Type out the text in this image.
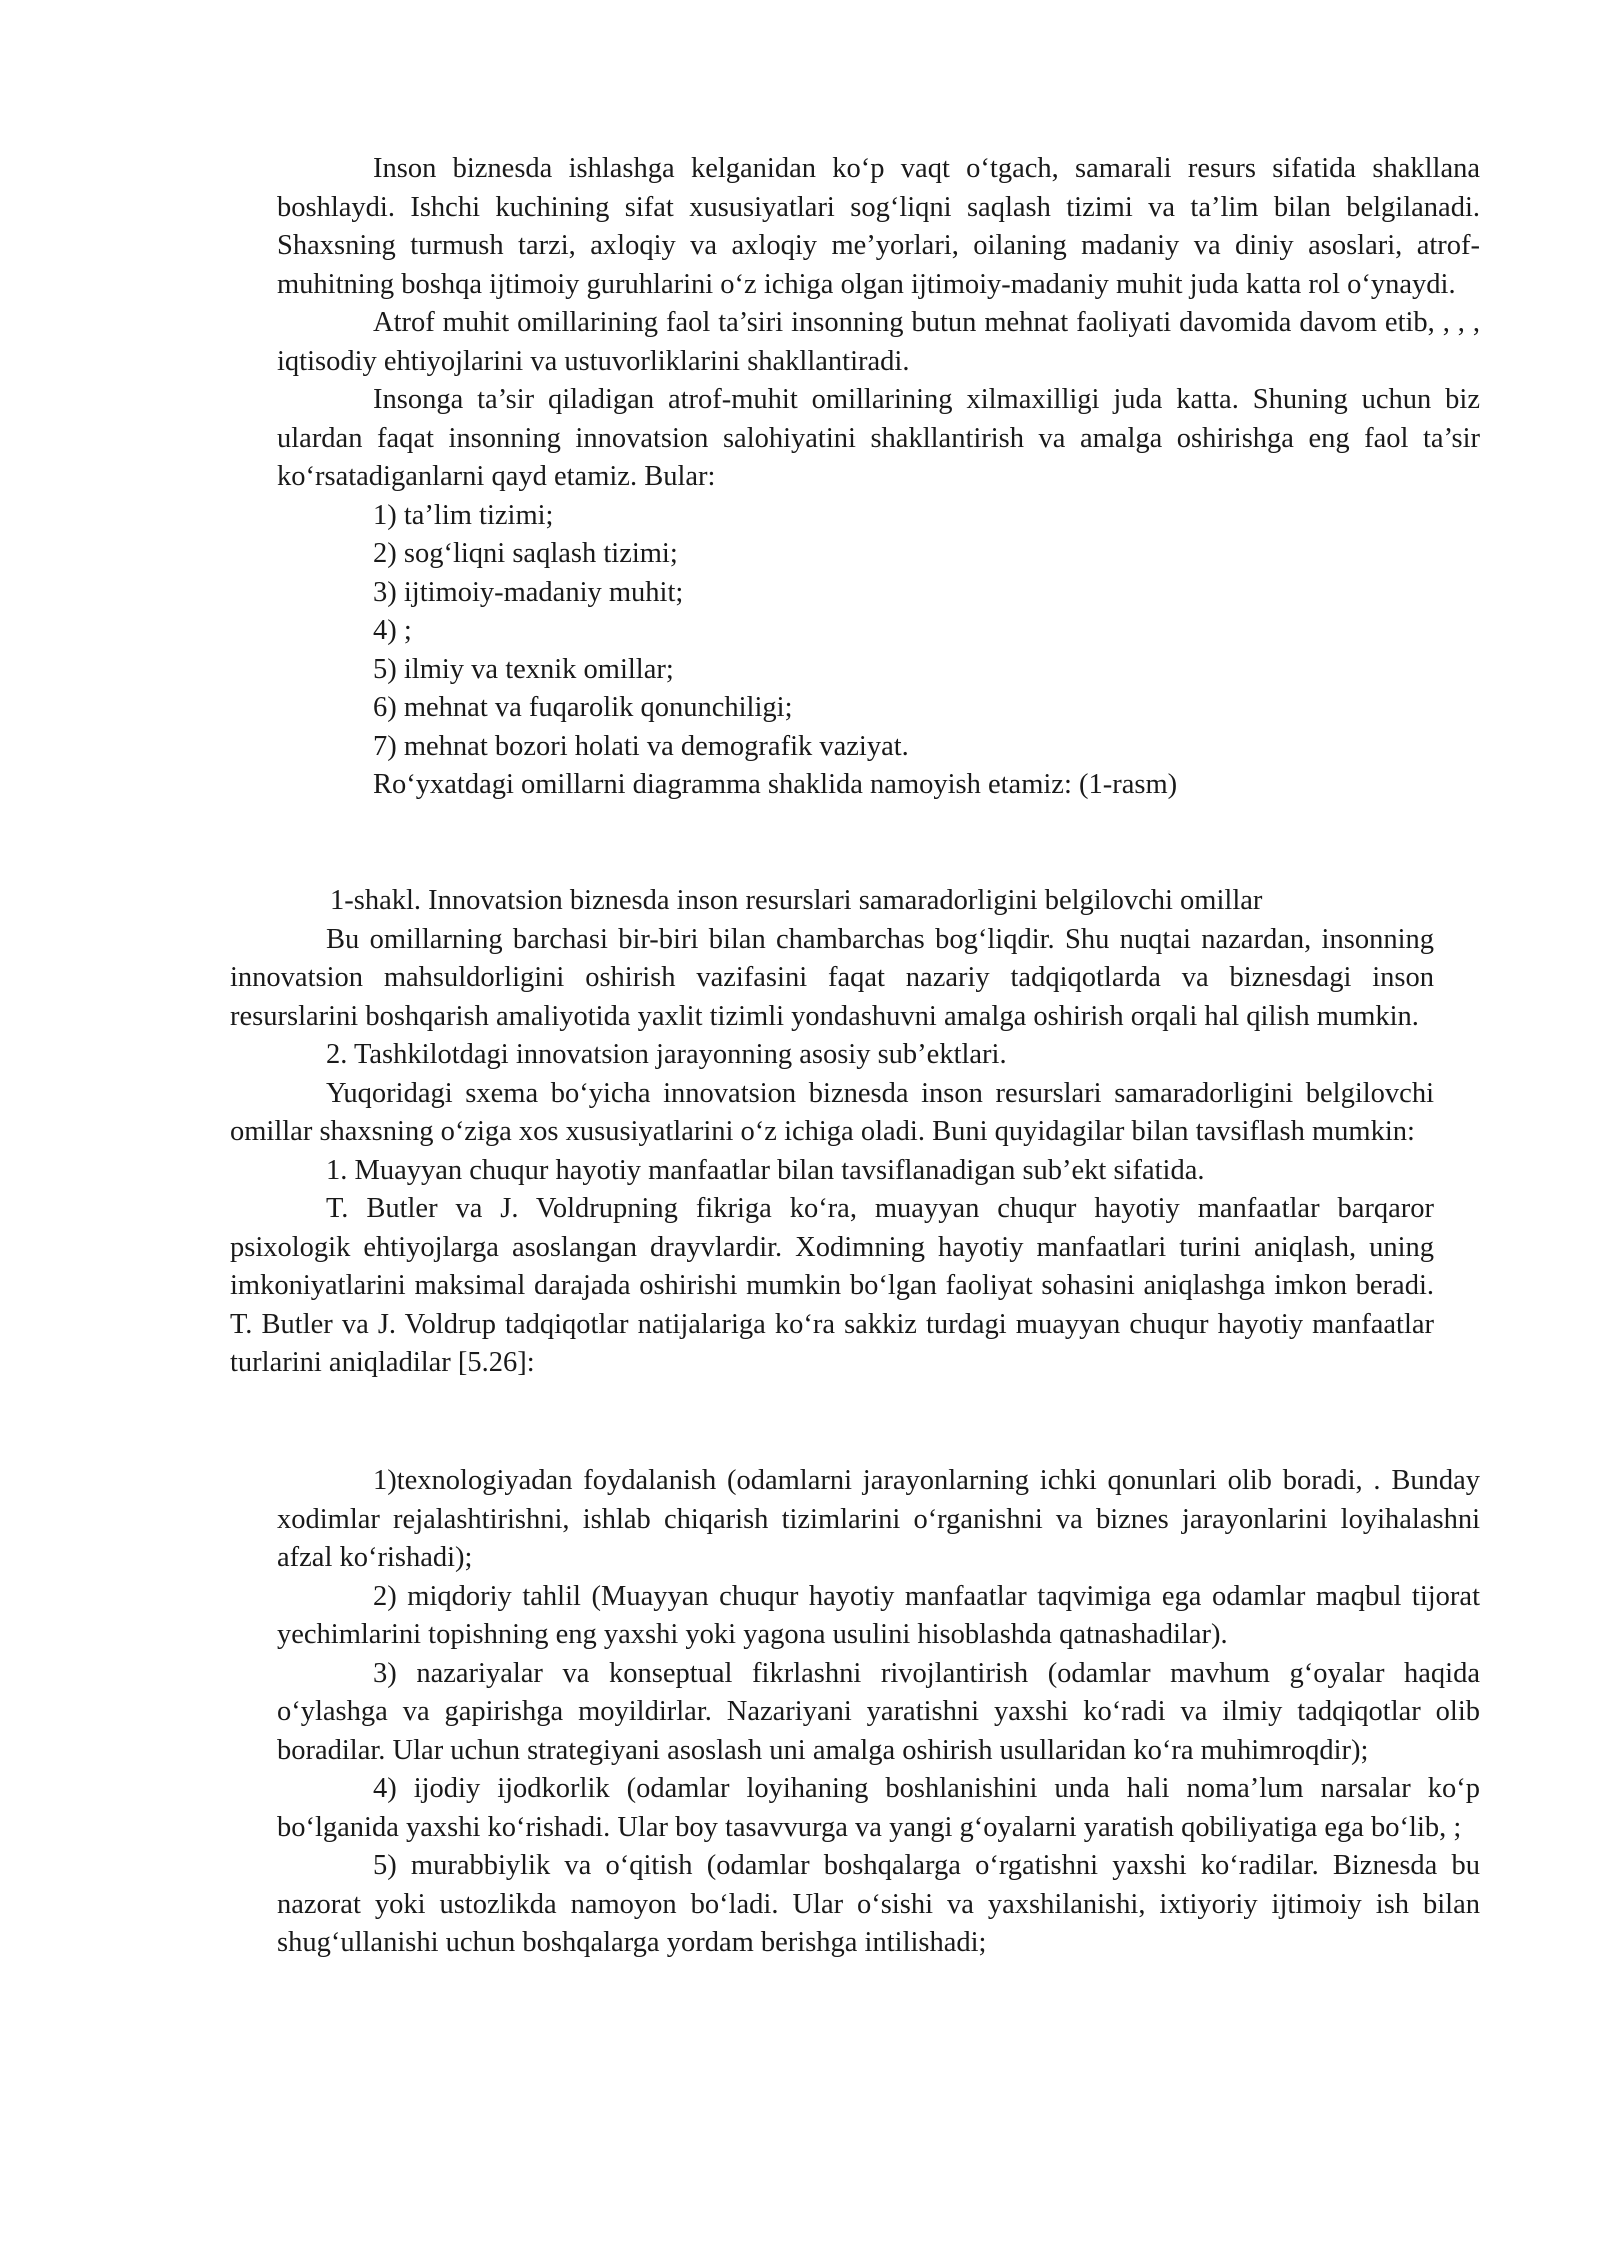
Inson biznesda ishlashga kelganidan ko‘p vaqt o‘tgach, samarali resurs sifatida shakllana boshlaydi. Ishchi kuchining sifat xususiyatlari sog‘liqni saqlash tizimi va ta’lim bilan belgilanadi. Shaxsning turmush tarzi, axloqiy va axloqiy me’yorlari, oilaning madaniy va diniy asoslari, atrof-muhitning boshqa ijtimoiy guruhlarini o‘z ichiga olgan ijtimoiy-madaniy muhit juda katta rol o‘ynaydi.

Atrof muhit omillarining faol ta’siri insonning butun mehnat faoliyati davomida davom etib, , , , iqtisodiy ehtiyojlarini va ustuvorliklarini shakllantiradi.

Insonga ta’sir qiladigan atrof-muhit omillarining xilmaxilligi juda katta. Shuning uchun biz ulardan faqat insonning innovatsion salohiyatini shakllantirish va amalga oshirishga eng faol ta’sir ko‘rsatadiganlarni qayd etamiz. Bular:

1) ta’lim tizimi;

2) sog‘liqni saqlash tizimi;

3) ijtimoiy-madaniy muhit;

4) ;

5) ilmiy va texnik omillar;

6) mehnat va fuqarolik qonunchiligi;

7) mehnat bozori holati va demografik vaziyat.

Ro‘yxatdagi omillarni diagramma shaklida namoyish etamiz: (1-rasm)

1-shakl. Innovatsion biznesda inson resurslari samaradorligini belgilovchi omillar

Bu omillarning barchasi bir-biri bilan chambarchas bog‘liqdir. Shu nuqtai nazardan, insonning innovatsion mahsuldorligini oshirish vazifasini faqat nazariy tadqiqotlarda va biznesdagi inson resurslarini boshqarish amaliyotida yaxlit tizimli yondashuvni amalga oshirish orqali hal qilish mumkin.

2. Tashkilotdagi innovatsion jarayonning asosiy sub’ektlari.

Yuqoridagi sxema bo‘yicha innovatsion biznesda inson resurslari samaradorligini belgilovchi omillar shaxsning o‘ziga xos xususiyatlarini o‘z ichiga oladi. Buni quyidagilar bilan tavsiflash mumkin:

1. Muayyan chuqur hayotiy manfaatlar bilan tavsiflanadigan sub’ekt sifatida.

T. Butler va J. Voldrupning fikriga ko‘ra, muayyan chuqur hayotiy manfaatlar barqaror psixologik ehtiyojlarga asoslangan drayvlardir. Xodimning hayotiy manfaatlari turini aniqlash, uning imkoniyatlarini maksimal darajada oshirishi mumkin bo‘lgan faoliyat sohasini aniqlashga imkon beradi. T. Butler va J. Voldrup tadqiqotlar natijalariga ko‘ra sakkiz turdagi muayyan chuqur hayotiy manfaatlar turlarini aniqladilar [5.26]:

1)texnologiyadan foydalanish (odamlarni jarayonlarning ichki qonunlari olib boradi, . Bunday xodimlar rejalashtirishni, ishlab chiqarish tizimlarini o‘rganishni va biznes jarayonlarini loyihalashni afzal ko‘rishadi);

2) miqdoriy tahlil (Muayyan chuqur hayotiy manfaatlar taqvimiga ega odamlar maqbul tijorat yechimlarini topishning eng yaxshi yoki yagona usulini hisoblashda qatnashadilar).

3) nazariyalar va konseptual fikrlashni rivojlantirish (odamlar mavhum g‘oyalar haqida o‘ylashga va gapirishga moyildirlar. Nazariyani yaratishni yaxshi ko‘radi va ilmiy tadqiqotlar olib boradilar. Ular uchun strategiyani asoslash uni amalga oshirish usullaridan ko‘ra muhimroqdir);

4) ijodiy ijodkorlik (odamlar loyihaning boshlanishini unda hali noma’lum narsalar ko‘p bo‘lganida yaxshi ko‘rishadi. Ular boy tasavvurga va yangi g‘oyalarni yaratish qobiliyatiga ega bo‘lib, ;

5) murabbiylik va o‘qitish (odamlar boshqalarga o‘rgatishni yaxshi ko‘radilar. Biznesda bu nazorat yoki ustozlikda namoyon bo‘ladi. Ular o‘sishi va yaxshilanishi, ixtiyoriy ijtimoiy ish bilan shug‘ullanishi uchun boshqalarga yordam berishga intilishadi;
